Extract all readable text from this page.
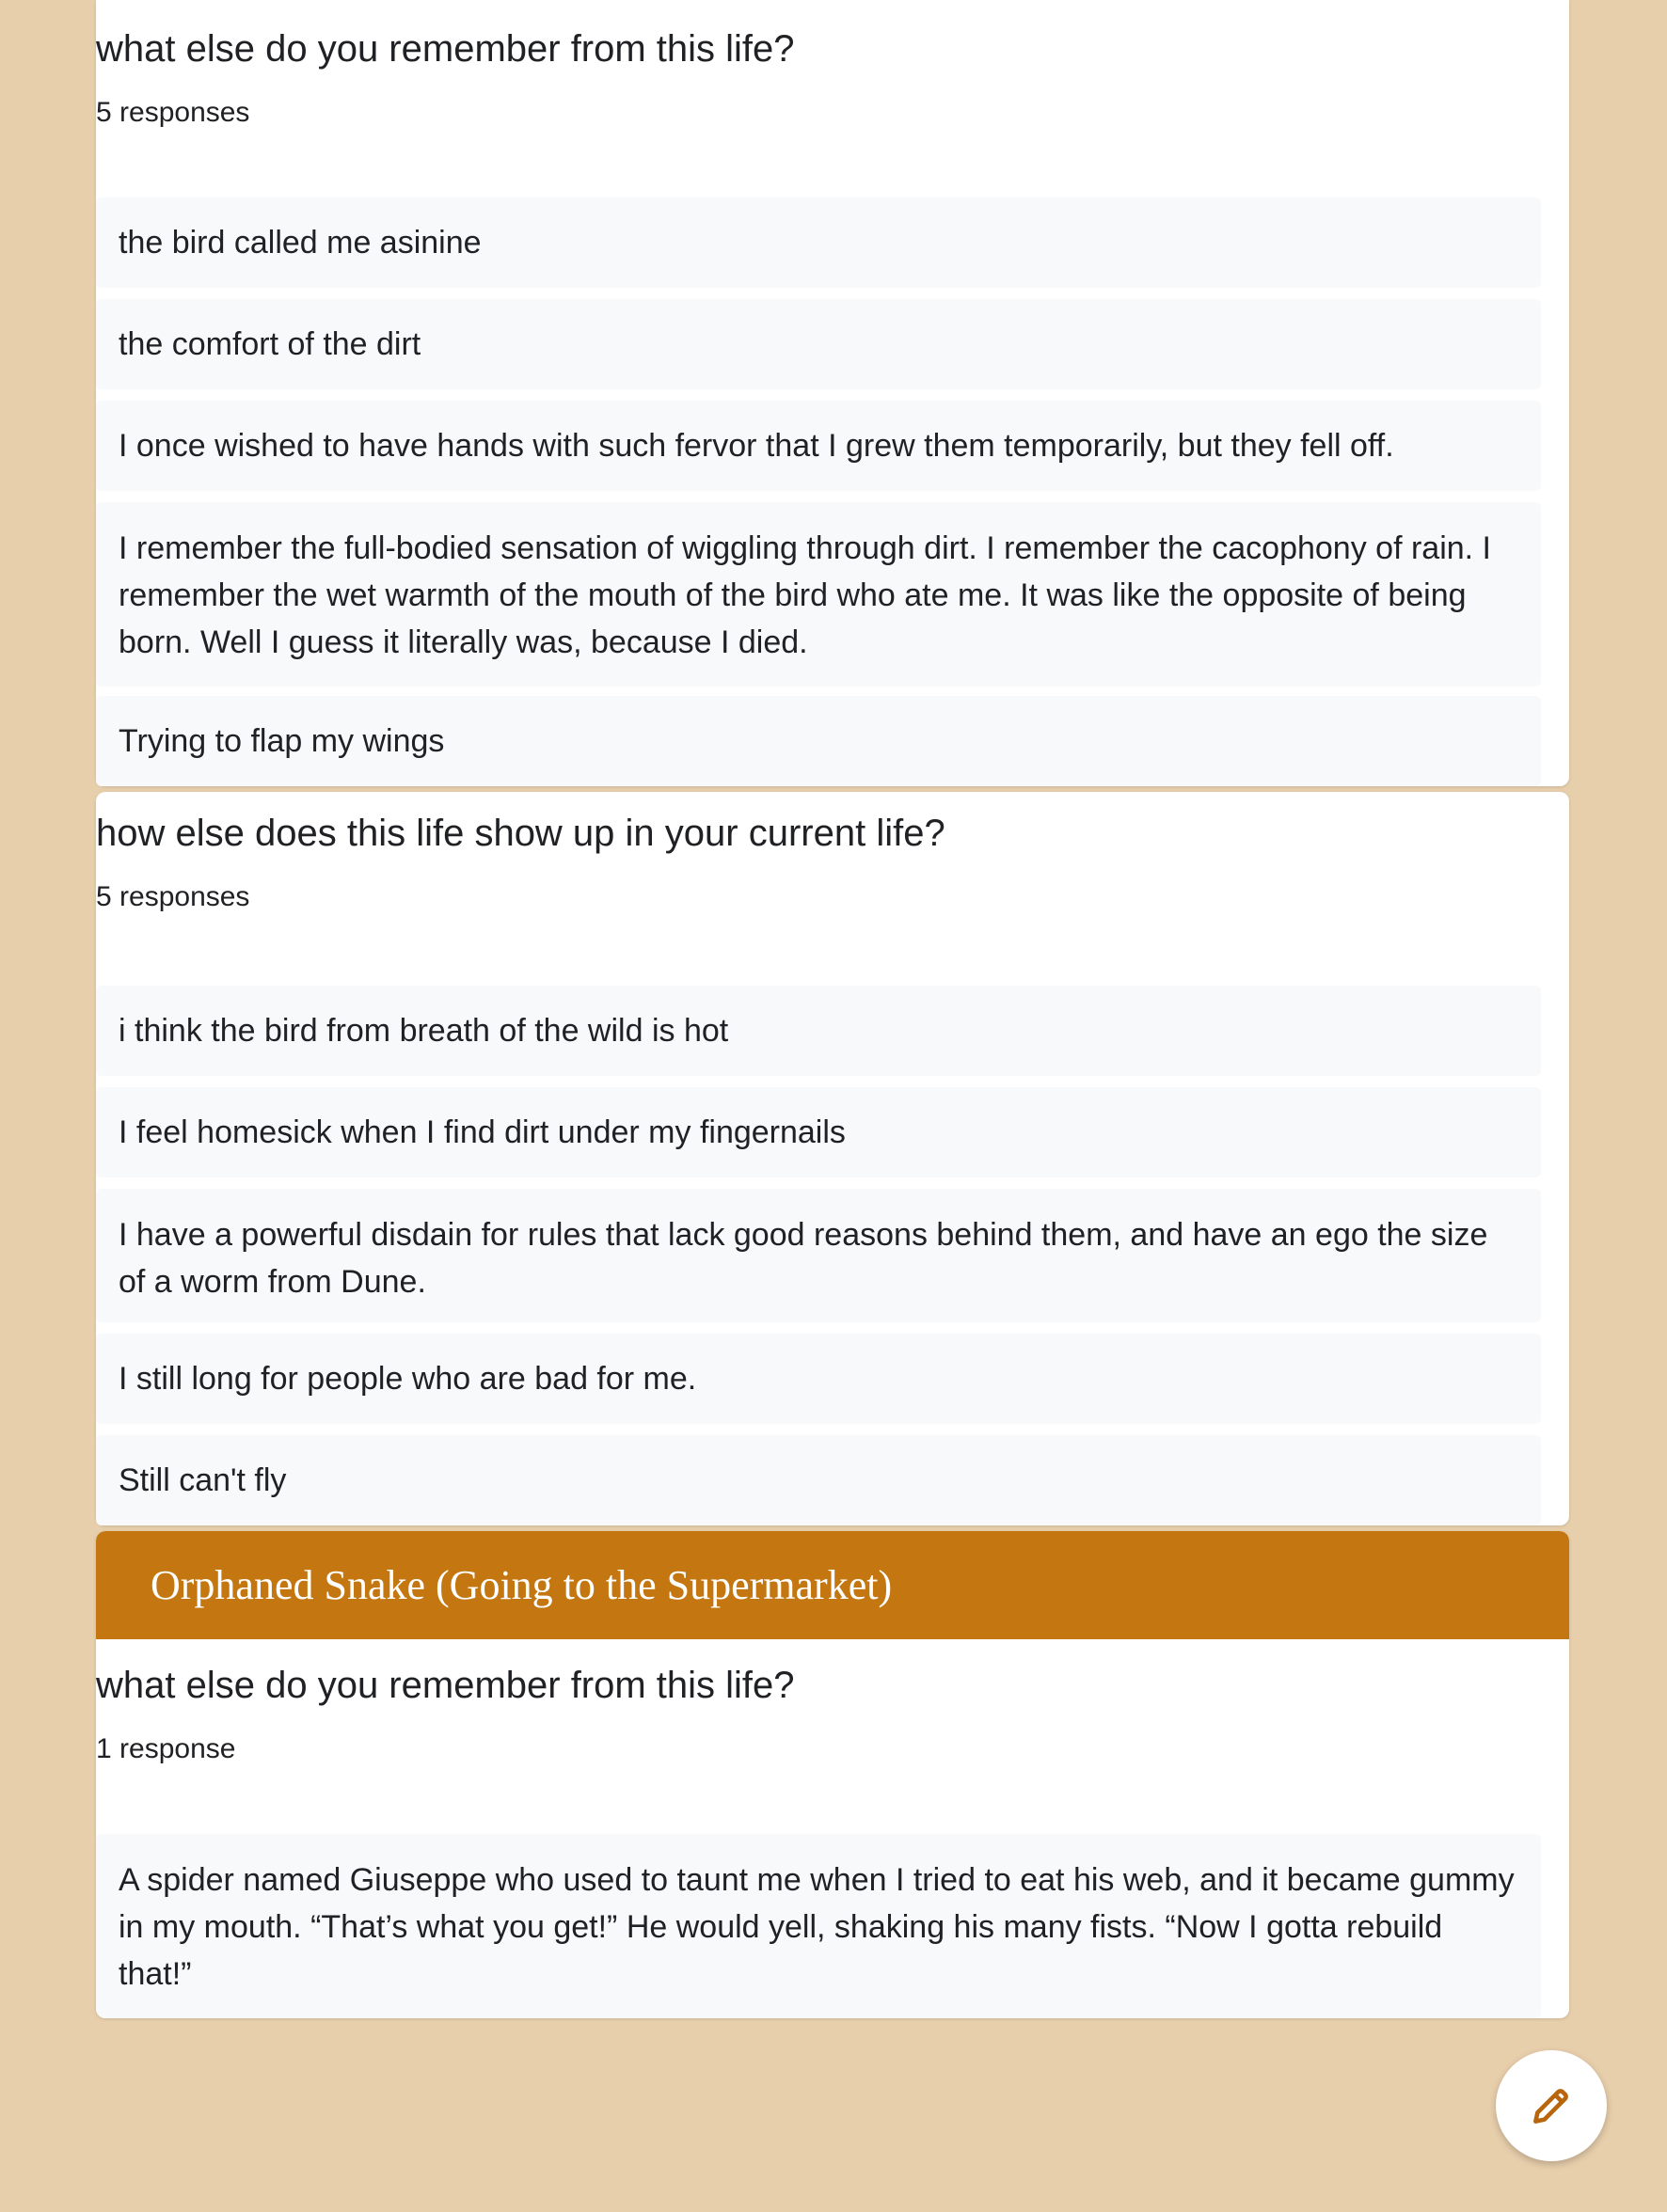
what else do you remember from this life?
5 responses
the bird called me asinine
the comfort of the dirt
I once wished to have hands with such fervor that I grew them temporarily, but they fell off.
I remember the full-bodied sensation of wiggling through dirt. I remember the cacophony of rain. I remember the wet warmth of the mouth of the bird who ate me. It was like the opposite of being born. Well I guess it literally was, because I died.
Trying to flap my wings
how else does this life show up in your current life?
5 responses
i think the bird from breath of the wild is hot
I feel homesick when I find dirt under my fingernails
I have a powerful disdain for rules that lack good reasons behind them, and have an ego the size of a worm from Dune.
I still long for people who are bad for me.
Still can't fly
Orphaned Snake (Going to the Supermarket)
what else do you remember from this life?
1 response
A spider named Giuseppe who used to taunt me when I tried to eat his web, and it became gummy in my mouth. “That’s what you get!” He would yell, shaking his many fists. “Now I gotta rebuild that!”
